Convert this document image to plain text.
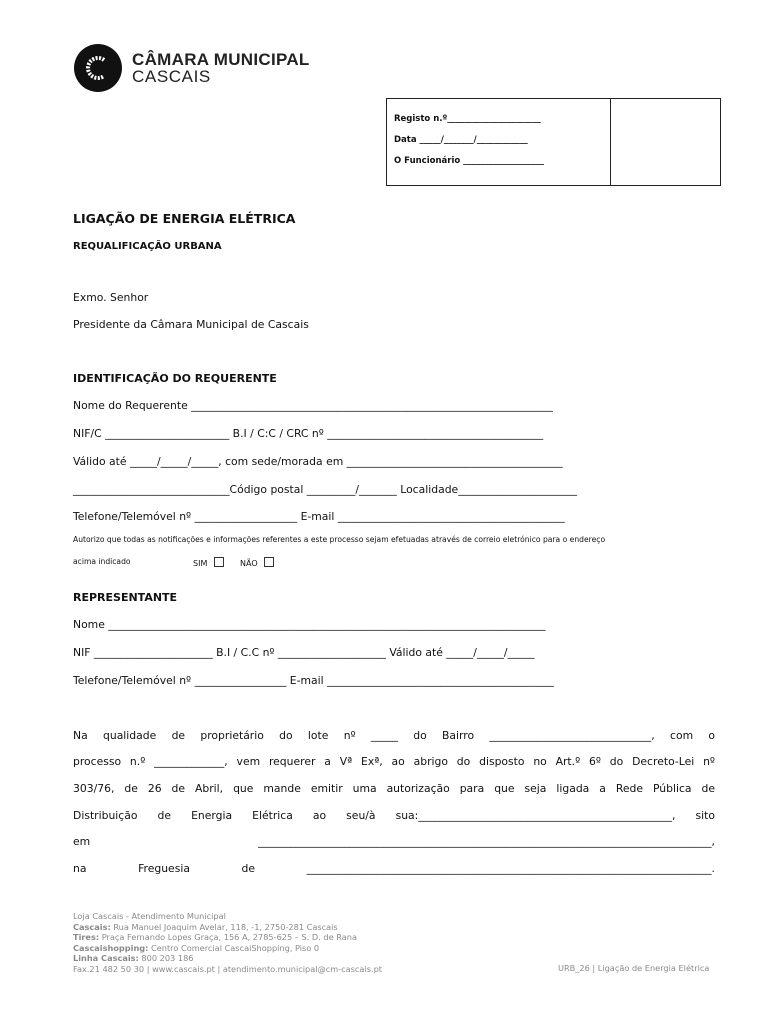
CÂMARA MUNICIPAL
CASCAIS
Registo n.º______________________
Data _____/_______/____________
O Funcionário ___________________
LIGAÇÃO DE ENERGIA ELÉTRICA
REQUALIFICAÇÃO URBANA
Exmo. Senhor
Presidente da Câmara Municipal de Cascais
IDENTIFICAÇÃO DO REQUERENTE
Nome do Requerente ___________________________________________________________________
NIF/C _______________________ B.I / C:C / CRC nº ________________________________________
Válido até _____/_____/_____, com sede/morada em ________________________________________
_____________________________Código postal _________/_______ Localidade______________________
Telefone/Telemóvel nº ___________________ E-mail __________________________________________
Autorizo que todas as notificações e informações referentes a este processo sejam efetuadas através de correio eletrónico para o endereço
acima indicado	SIM	NÃO
REPRESENTANTE
Nome _________________________________________________________________________________
NIF ______________________ B.I / C.C nº ____________________ Válido até _____/_____/_____
Telefone/Telemóvel nº _________________ E-mail __________________________________________
Na qualidade de proprietário do lote nº _____ do Bairro ______________________________, com o
processo n.º _____________, vem requerer a Vª Exª, ao abrigo do disposto no Art.º 6º do Decreto-Lei nº
303/76, de 26 de Abril, que mande emitir uma autorização para que seja ligada a Rede Pública de
Distribuição de Energia Elétrica ao seu/à sua:_______________________________________________, sito
em ____________________________________________________________________________________,
na Freguesia de ___________________________________________________________________________.
Loja Cascais - Atendimento Municipal
Cascais: Rua Manuel Joaquim Avelar, 118, -1, 2750-281 Cascais
Tires: Praça Fernando Lopes Graça, 156 A, 2785-625 – S. D. de Rana
Cascaishopping: Centro Comercial CascaiShopping, Piso 0
Linha Cascais: 800 203 186
Fax.21 482 50 30 | www.cascais.pt | atendimento.municipal@cm-cascais.pt	URB_26 | Ligação de Energia Elétrica
